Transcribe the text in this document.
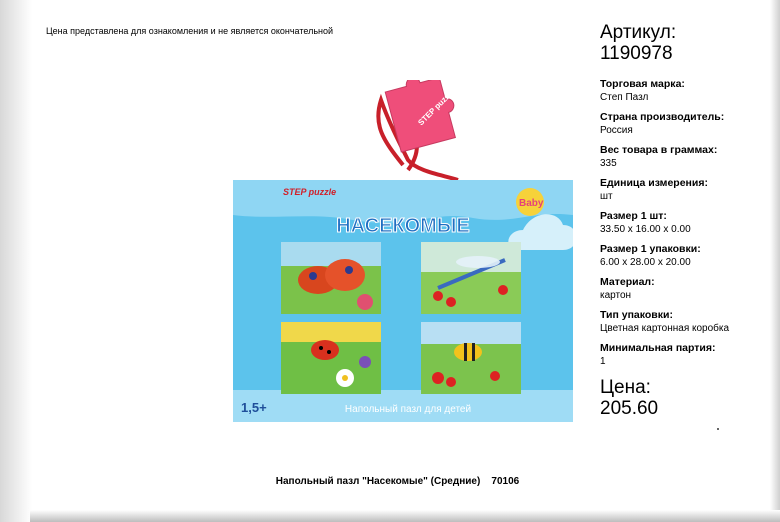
Цена представлена для ознакомления и не является окончательной
STEP puzzle
STEP puzzle
Baby
НАСЕКОМЫЕ
1,5+	Напольный пазл для детей
Артикул:
1190978
Торговая марка:
Степ Пазл
Страна производитель:
Россия
Вес товара в граммах:
335
Единица измерения:
шт
Размер 1 шт:
33.50 x 16.00 x 0.00
Размер 1 упаковки:
6.00 x 28.00 x 20.00
Материал:
картон
Тип упаковки:
Цветная картонная коробка
Минимальная партия:
1
Цена:
205.60
Напольный пазл "Насекомые" (Средние) 70106
